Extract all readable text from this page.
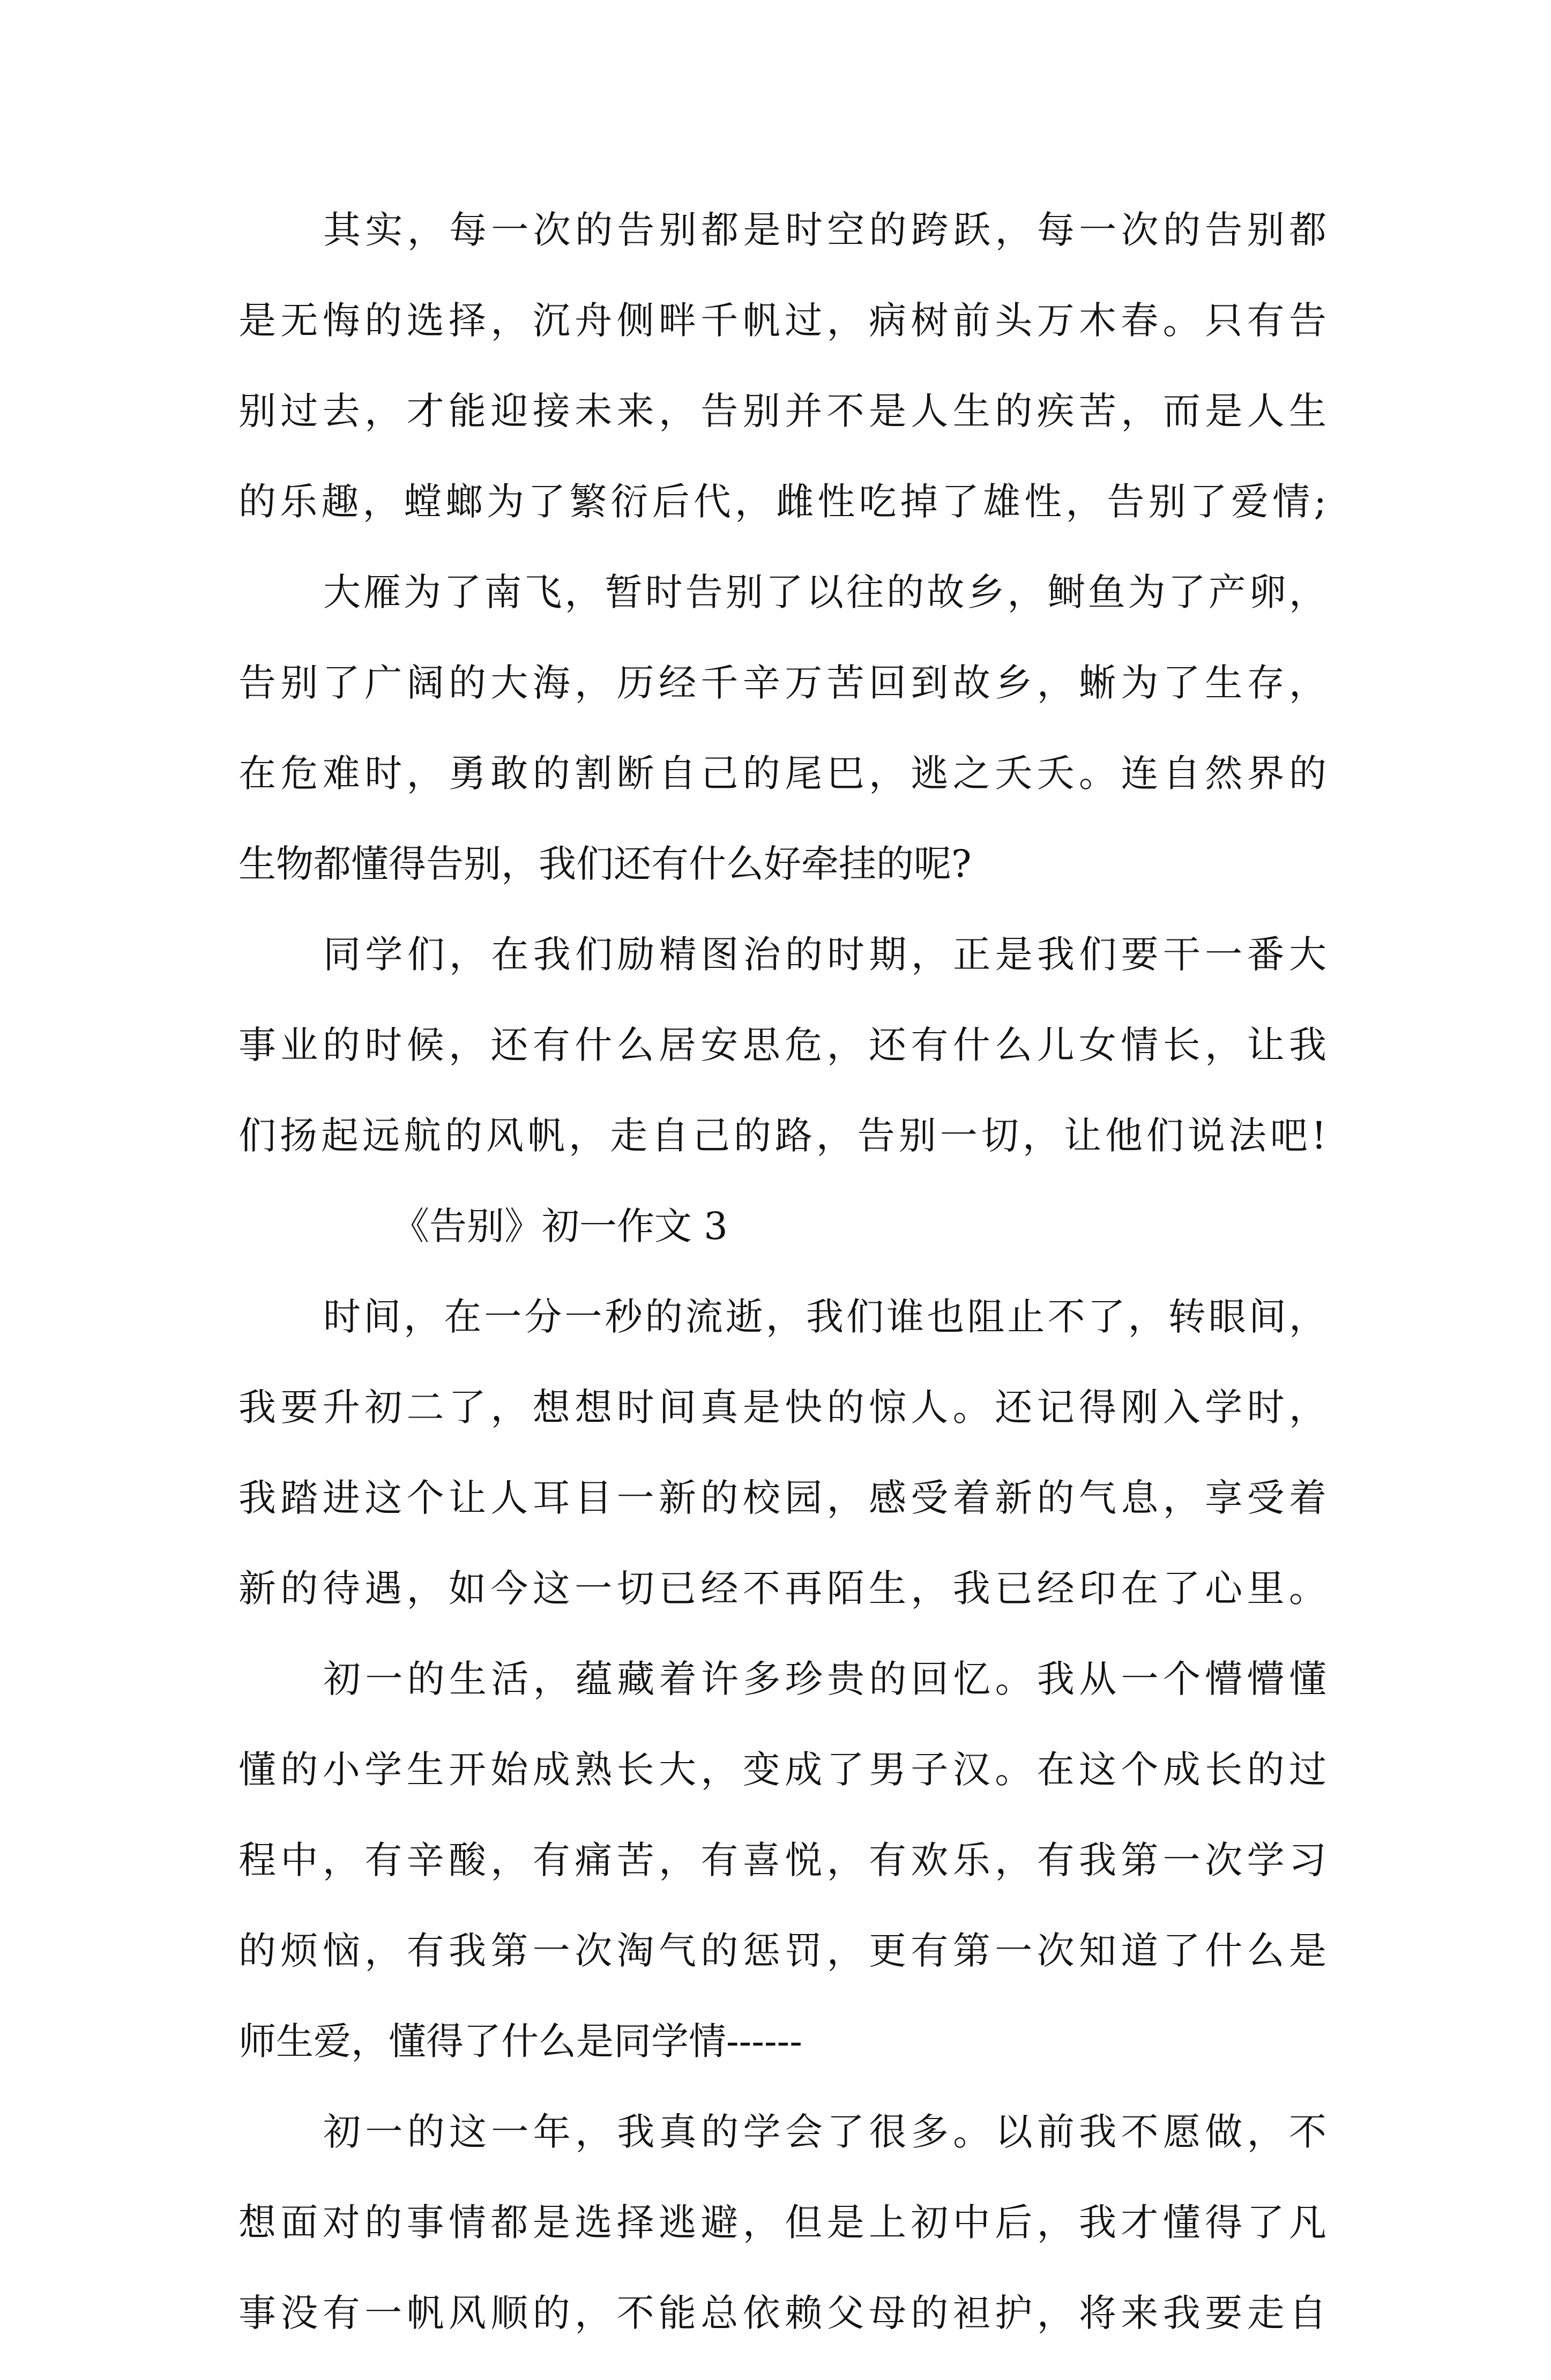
其实，每一次的告别都是时空的跨跃，每一次的告别都
是无悔的选择，沉舟侧畔千帆过，病树前头万木春。只有告
别过去，才能迎接未来，告别并不是人生的疾苦，而是人生
的乐趣，螳螂为了繁衍后代，雌性吃掉了雄性，告别了爱情;
大雁为了南飞，暂时告别了以往的故乡，鲥鱼为了产卵，
告别了广阔的大海，历经千辛万苦回到故乡，蜥为了生存，
在危难时，勇敢的割断自己的尾巴，逃之夭夭。连自然界的
生物都懂得告别，我们还有什么好牵挂的呢?
同学们，在我们励精图治的时期，正是我们要干一番大
事业的时候，还有什么居安思危，还有什么儿女情长，让我
们扬起远航的风帆，走自己的路，告别一切，让他们说法吧!
《告别》初一作文 3
时间，在一分一秒的流逝，我们谁也阻止不了，转眼间，
我要升初二了，想想时间真是快的惊人。还记得刚入学时，
我踏进这个让人耳目一新的校园，感受着新的气息，享受着
新的待遇，如今这一切已经不再陌生，我已经印在了心里。
初一的生活，蕴藏着许多珍贵的回忆。我从一个懵懵懂
懂的小学生开始成熟长大，变成了男子汉。在这个成长的过
程中，有辛酸，有痛苦，有喜悦，有欢乐，有我第一次学习
的烦恼，有我第一次淘气的惩罚，更有第一次知道了什么是
师生爱，懂得了什么是同学情------
初一的这一年，我真的学会了很多。以前我不愿做，不
想面对的事情都是选择逃避，但是上初中后，我才懂得了凡
事没有一帆风顺的，不能总依赖父母的袒护，将来我要走自
